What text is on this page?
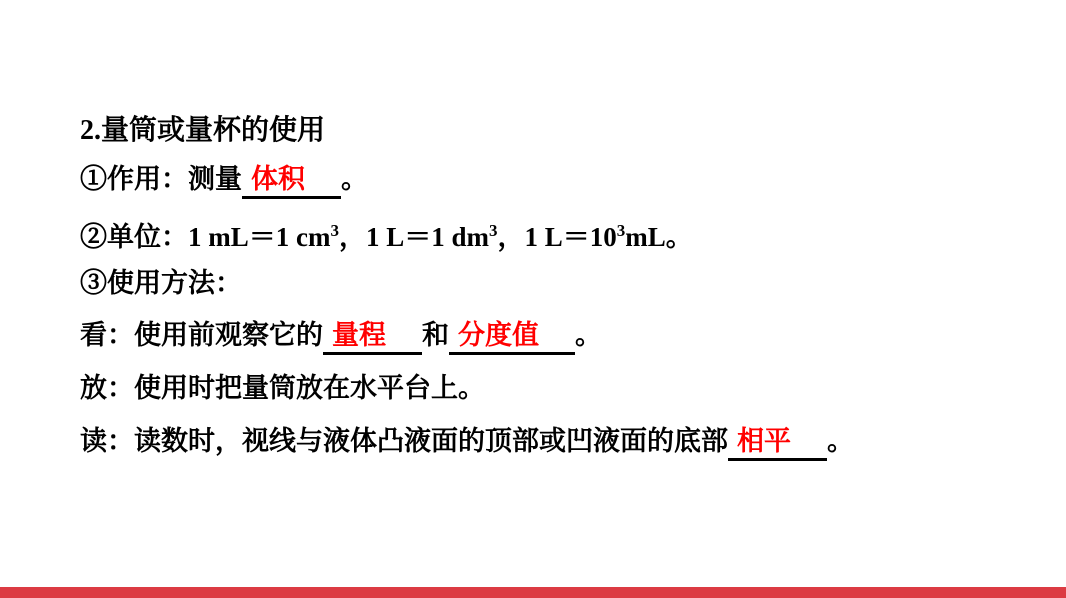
2.量筒或量杯的使用
①作用：测量 体积 。
②单位：1 mL＝1 $cm^3$，1 L＝1 $dm^3$，1 $L=10^3mL$。
③使用方法：
看：使用前观察它的 量程 和 分度值 。
放：使用时把量筒放在水平台上。
读：读数时，视线与液体凸液面的顶部或凹液面的底部 相平 。
